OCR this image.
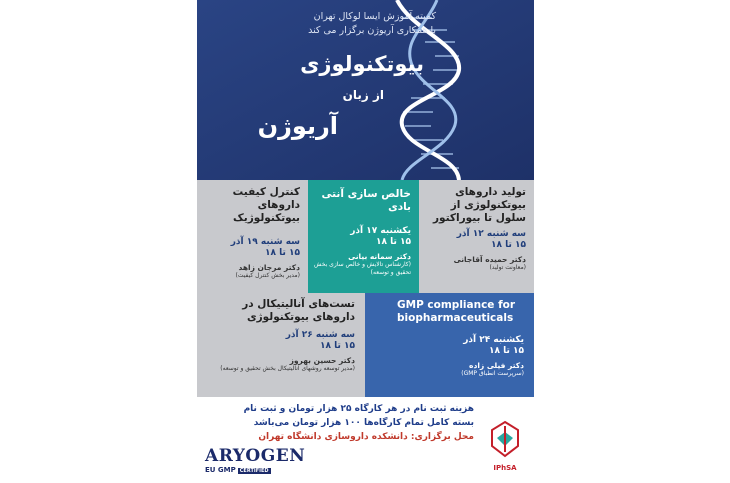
کمیته آموزش ایسا لوکال تهران
با همکاری آریوژن برگزار می کند
بیوتکنولوژی
از زبان
آریوژن
تولید داروهای بیوتکنولوژی از سلول تا بیوراکتور
سه شنبه ۱۲ آذر
۱۵ تا ۱۸
دکتر حمیده آقاجانی
(معاونت تولید)
خالص سازی آنتی بادی
یکشنبه ۱۷ آذر
۱۵ تا ۱۸
دکتر سمانه بیانی
(کارشناس تالایش و خالص سازی بخش تحقیق و توسعه)
کنترل کیفیت داروهای بیوتکنولوژیک
سه شنبه ۱۹ آذر
۱۵ تا ۱۸
دکتر مرجان زاهد
(مدیر بخش کنترل کیفیت)
GMP compliance for biopharmaceuticals
یکشنبه ۲۴ آذر
۱۵ تا ۱۸
دکتر فیلی زاده
(سرپرست انطباق GMP)
تست‌های آنالیتیکال در داروهای بیوتکنولوژی
سه شنبه ۲۶ آذر
۱۵ تا ۱۸
دکتر حسین بهروز
(مدیر توسعه روشهای آنالیتیکال بخش تحقیق و توسعه)
هزینه ثبت نام در هر کارگاه ۲۵ هزار تومان و ثبت نام
بسته کامل تمام کارگاه‌ها ۱۰۰ هزار تومان می‌باشد
محل برگزاری: دانشکده داروسازی دانشگاه تهران
ARYOGEN
EU GMP CERTIFIED	IPhSA
